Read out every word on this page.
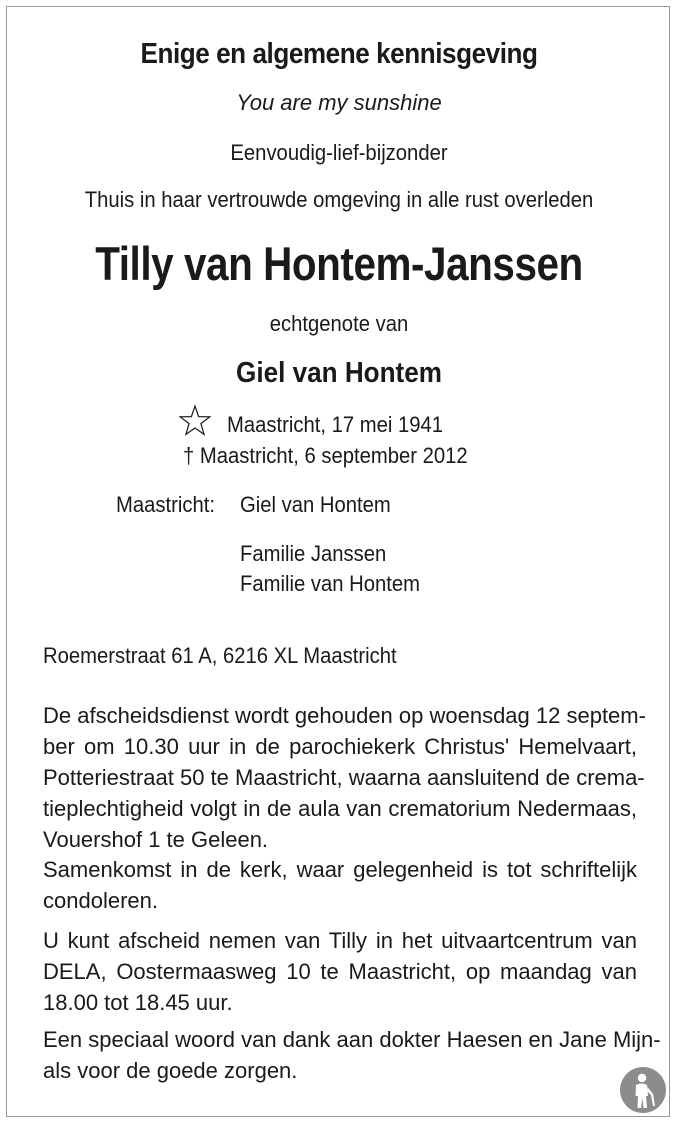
Enige en algemene kennisgeving
You are my sunshine
Eenvoudig-lief-bijzonder
Thuis in haar vertrouwde omgeving in alle rust overleden
Tilly van Hontem-Janssen
echtgenote van
Giel van Hontem
Maastricht, 17 mei 1941
† Maastricht, 6 september 2012
Maastricht: Giel van Hontem
Familie Janssen
Familie van Hontem
Roemerstraat 61 A, 6216 XL Maastricht
De afscheidsdienst wordt gehouden op woensdag 12 septem-
ber om 10.30 uur in de parochiekerk Christus' Hemelvaart,
Potteriestraat 50 te Maastricht, waarna aansluitend de crema-
tieplechtigheid volgt in de aula van crematorium Nedermaas,
Vouershof 1 te Geleen.
Samenkomst in de kerk, waar gelegenheid is tot schriftelijk
condoleren.
U kunt afscheid nemen van Tilly in het uitvaartcentrum van
DELA, Oostermaasweg 10 te Maastricht, op maandag van
18.00 tot 18.45 uur.
Een speciaal woord van dank aan dokter Haesen en Jane Mijn-
als voor de goede zorgen.
